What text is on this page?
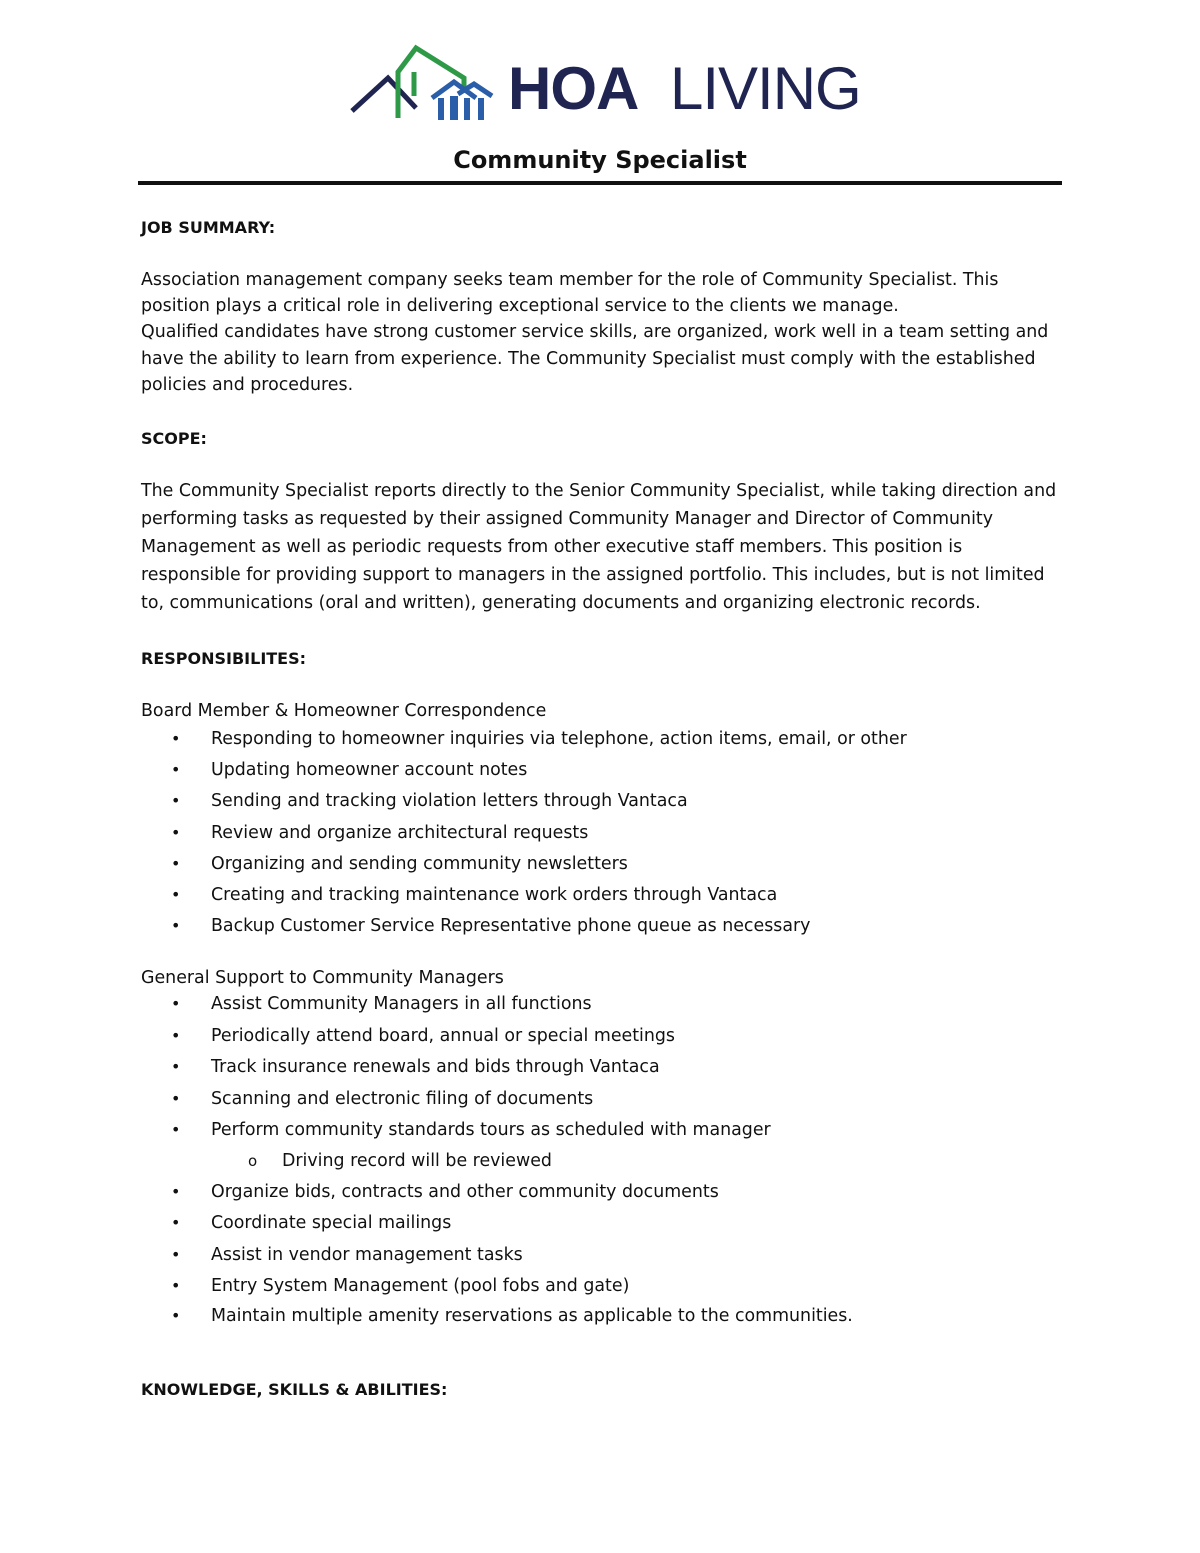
HOA LIVING
Community Specialist
JOB SUMMARY:
Association management company seeks team member for the role of Community Specialist. This
position plays a critical role in delivering exceptional service to the clients we manage.
Qualified candidates have strong customer service skills, are organized, work well in a team setting and
have the ability to learn from experience. The Community Specialist must comply with the established
policies and procedures.
SCOPE:
The Community Specialist reports directly to the Senior Community Specialist, while taking direction and
performing tasks as requested by their assigned Community Manager and Director of Community
Management as well as periodic requests from other executive staff members. This position is
responsible for providing support to managers in the assigned portfolio. This includes, but is not limited
to, communications (oral and written), generating documents and organizing electronic records.
RESPONSIBILITES:
Board Member & Homeowner Correspondence
• Responding to homeowner inquiries via telephone, action items, email, or other
• Updating homeowner account notes
• Sending and tracking violation letters through Vantaca
• Review and organize architectural requests
• Organizing and sending community newsletters
• Creating and tracking maintenance work orders through Vantaca
• Backup Customer Service Representative phone queue as necessary
General Support to Community Managers
• Assist Community Managers in all functions
• Periodically attend board, annual or special meetings
• Track insurance renewals and bids through Vantaca
• Scanning and electronic filing of documents
• Perform community standards tours as scheduled with manager
o Driving record will be reviewed
• Organize bids, contracts and other community documents
• Coordinate special mailings
• Assist in vendor management tasks
• Entry System Management (pool fobs and gate)
• Maintain multiple amenity reservations as applicable to the communities.
KNOWLEDGE, SKILLS & ABILITIES:
